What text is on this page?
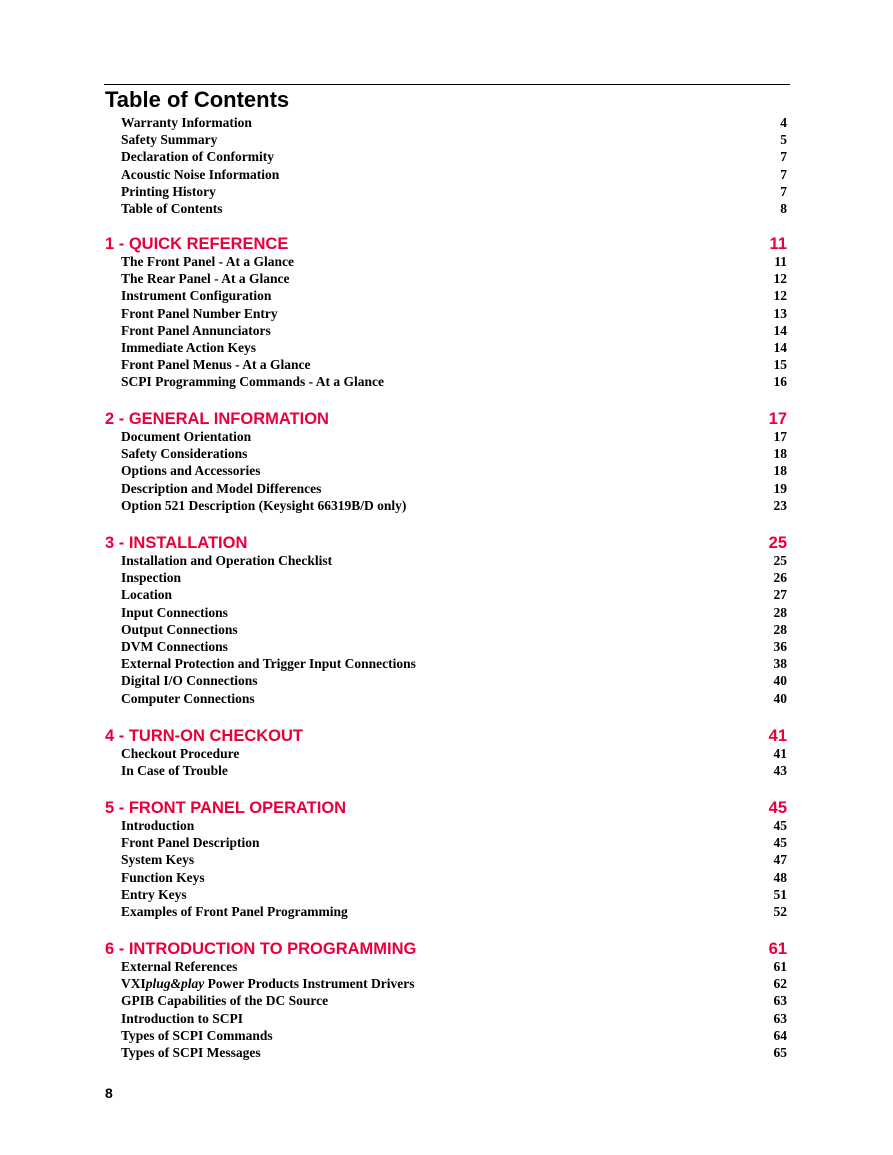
Table of Contents
Warranty Information	4
Safety Summary	5
Declaration of Conformity	7
Acoustic Noise Information	7
Printing History	7
Table of Contents	8
1 - QUICK REFERENCE	11
The Front Panel - At a Glance	11
The Rear Panel - At a Glance	12
Instrument Configuration	12
Front Panel Number Entry	13
Front Panel Annunciators	14
Immediate Action Keys	14
Front Panel Menus - At a Glance	15
SCPI Programming Commands - At a Glance	16
2 - GENERAL INFORMATION	17
Document Orientation	17
Safety Considerations	18
Options and Accessories	18
Description and Model Differences	19
Option 521 Description (Keysight 66319B/D only)	23
3 - INSTALLATION	25
Installation and Operation Checklist	25
Inspection	26
Location	27
Input Connections	28
Output Connections	28
DVM Connections	36
External Protection and Trigger Input Connections	38
Digital I/O Connections	40
Computer Connections	40
4 - TURN-ON CHECKOUT	41
Checkout Procedure	41
In Case of Trouble	43
5 - FRONT PANEL OPERATION	45
Introduction	45
Front Panel Description	45
System Keys	47
Function Keys	48
Entry Keys	51
Examples of Front Panel Programming	52
6 - INTRODUCTION TO PROGRAMMING	61
External References	61
VXIplug&play Power Products Instrument Drivers	62
GPIB Capabilities of the DC Source	63
Introduction to SCPI	63
Types of SCPI Commands	64
Types of SCPI Messages	65
8
